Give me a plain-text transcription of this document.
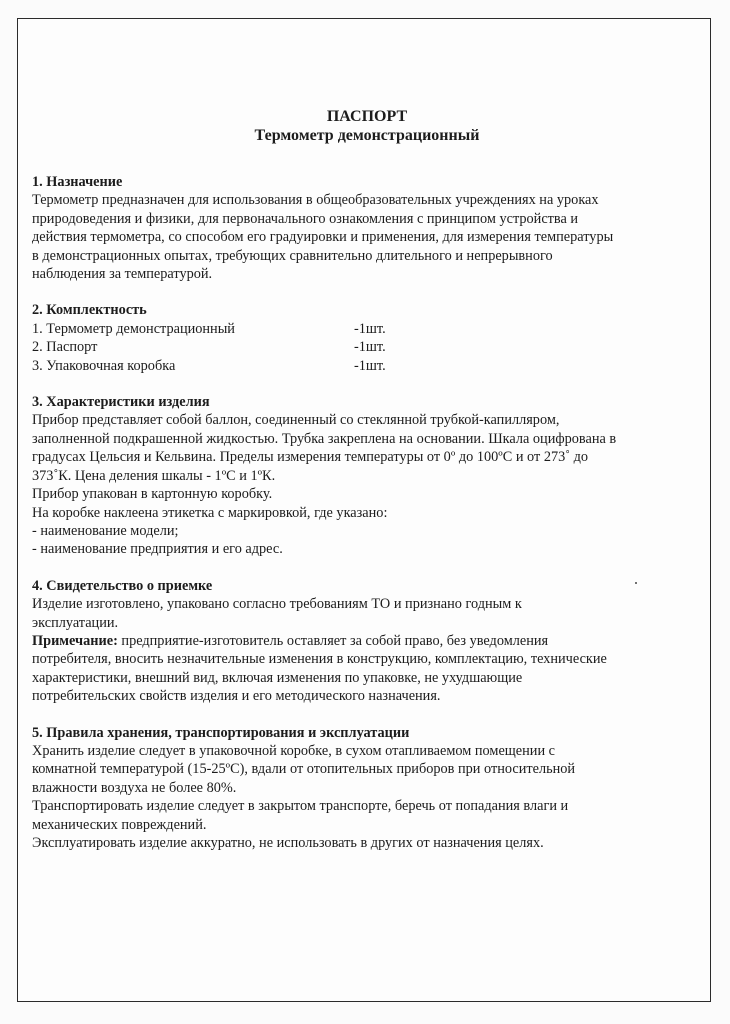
ПАСПОРТ

Термометр демонстрационный

1. Назначение

Термометр предназначен для использования в общеобразовательных учреждениях на уроках

природоведения и физики, для первоначального ознакомления с принципом устройства и

действия термометра, со способом его градуировки и применения, для измерения температуры

в демонстрационных опытах, требующих сравнительно длительного и непрерывного

наблюдения за температурой.

2. Комплектность
1. Термометр демонстрационный	-1шт.
2. Паспорт	-1шт.
3. Упаковочная коробка	-1шт.
3. Характеристики изделия

Прибор представляет собой баллон, соединенный со стеклянной трубкой-капилляром,

заполненной подкрашенной жидкостью. Трубка закреплена на основании. Шкала оцифрована в

градусах Цельсия и Кельвина. Пределы измерения температуры от 0º до 100ºС и от 273˚ до

373˚К. Цена деления шкалы - 1ºС и 1ºК.

Прибор упакован в картонную коробку.

На коробке наклеена этикетка с маркировкой, где указано:

- наименование модели;

- наименование предприятия и его адрес.

4. Свидетельство о приемке

Изделие изготовлено, упаковано согласно требованиям ТО и признано годным к

эксплуатации.

Примечание: предприятие-изготовитель оставляет за собой право, без уведомления

потребителя, вносить незначительные изменения в конструкцию, комплектацию, технические

характеристики, внешний вид, включая изменения по упаковке, не ухудшающие

потребительских свойств изделия и его методического назначения.

5. Правила хранения, транспортирования и эксплуатации

Хранить изделие следует в упаковочной коробке, в сухом отапливаемом помещении с

комнатной температурой (15-25ºС), вдали от отопительных приборов при относительной

влажности воздуха не более 80%.

Транспортировать изделие следует в закрытом транспорте, беречь от попадания влаги и

механических повреждений.

Эксплуатировать изделие аккуратно, не использовать в других от назначения целях.
